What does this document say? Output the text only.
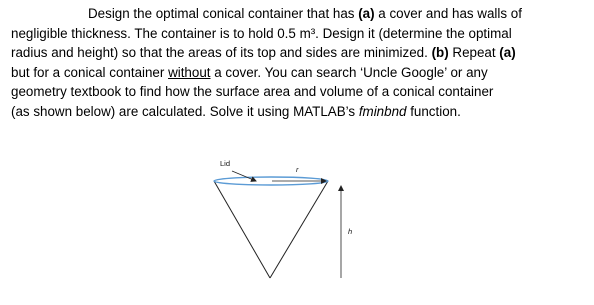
Design the optimal conical container that has (a) a cover and has walls of
negligible thickness. The container is to hold 0.5 m³. Design it (determine the optimal
radius and height) so that the areas of its top and sides are minimized. (b) Repeat (a)
but for a conical container without a cover. You can search ‘Uncle Google’ or any
geometry textbook to find how the surface area and volume of a conical container
(as shown below) are calculated. Solve it using MATLAB’s fminbnd function.
Lid
r
h
